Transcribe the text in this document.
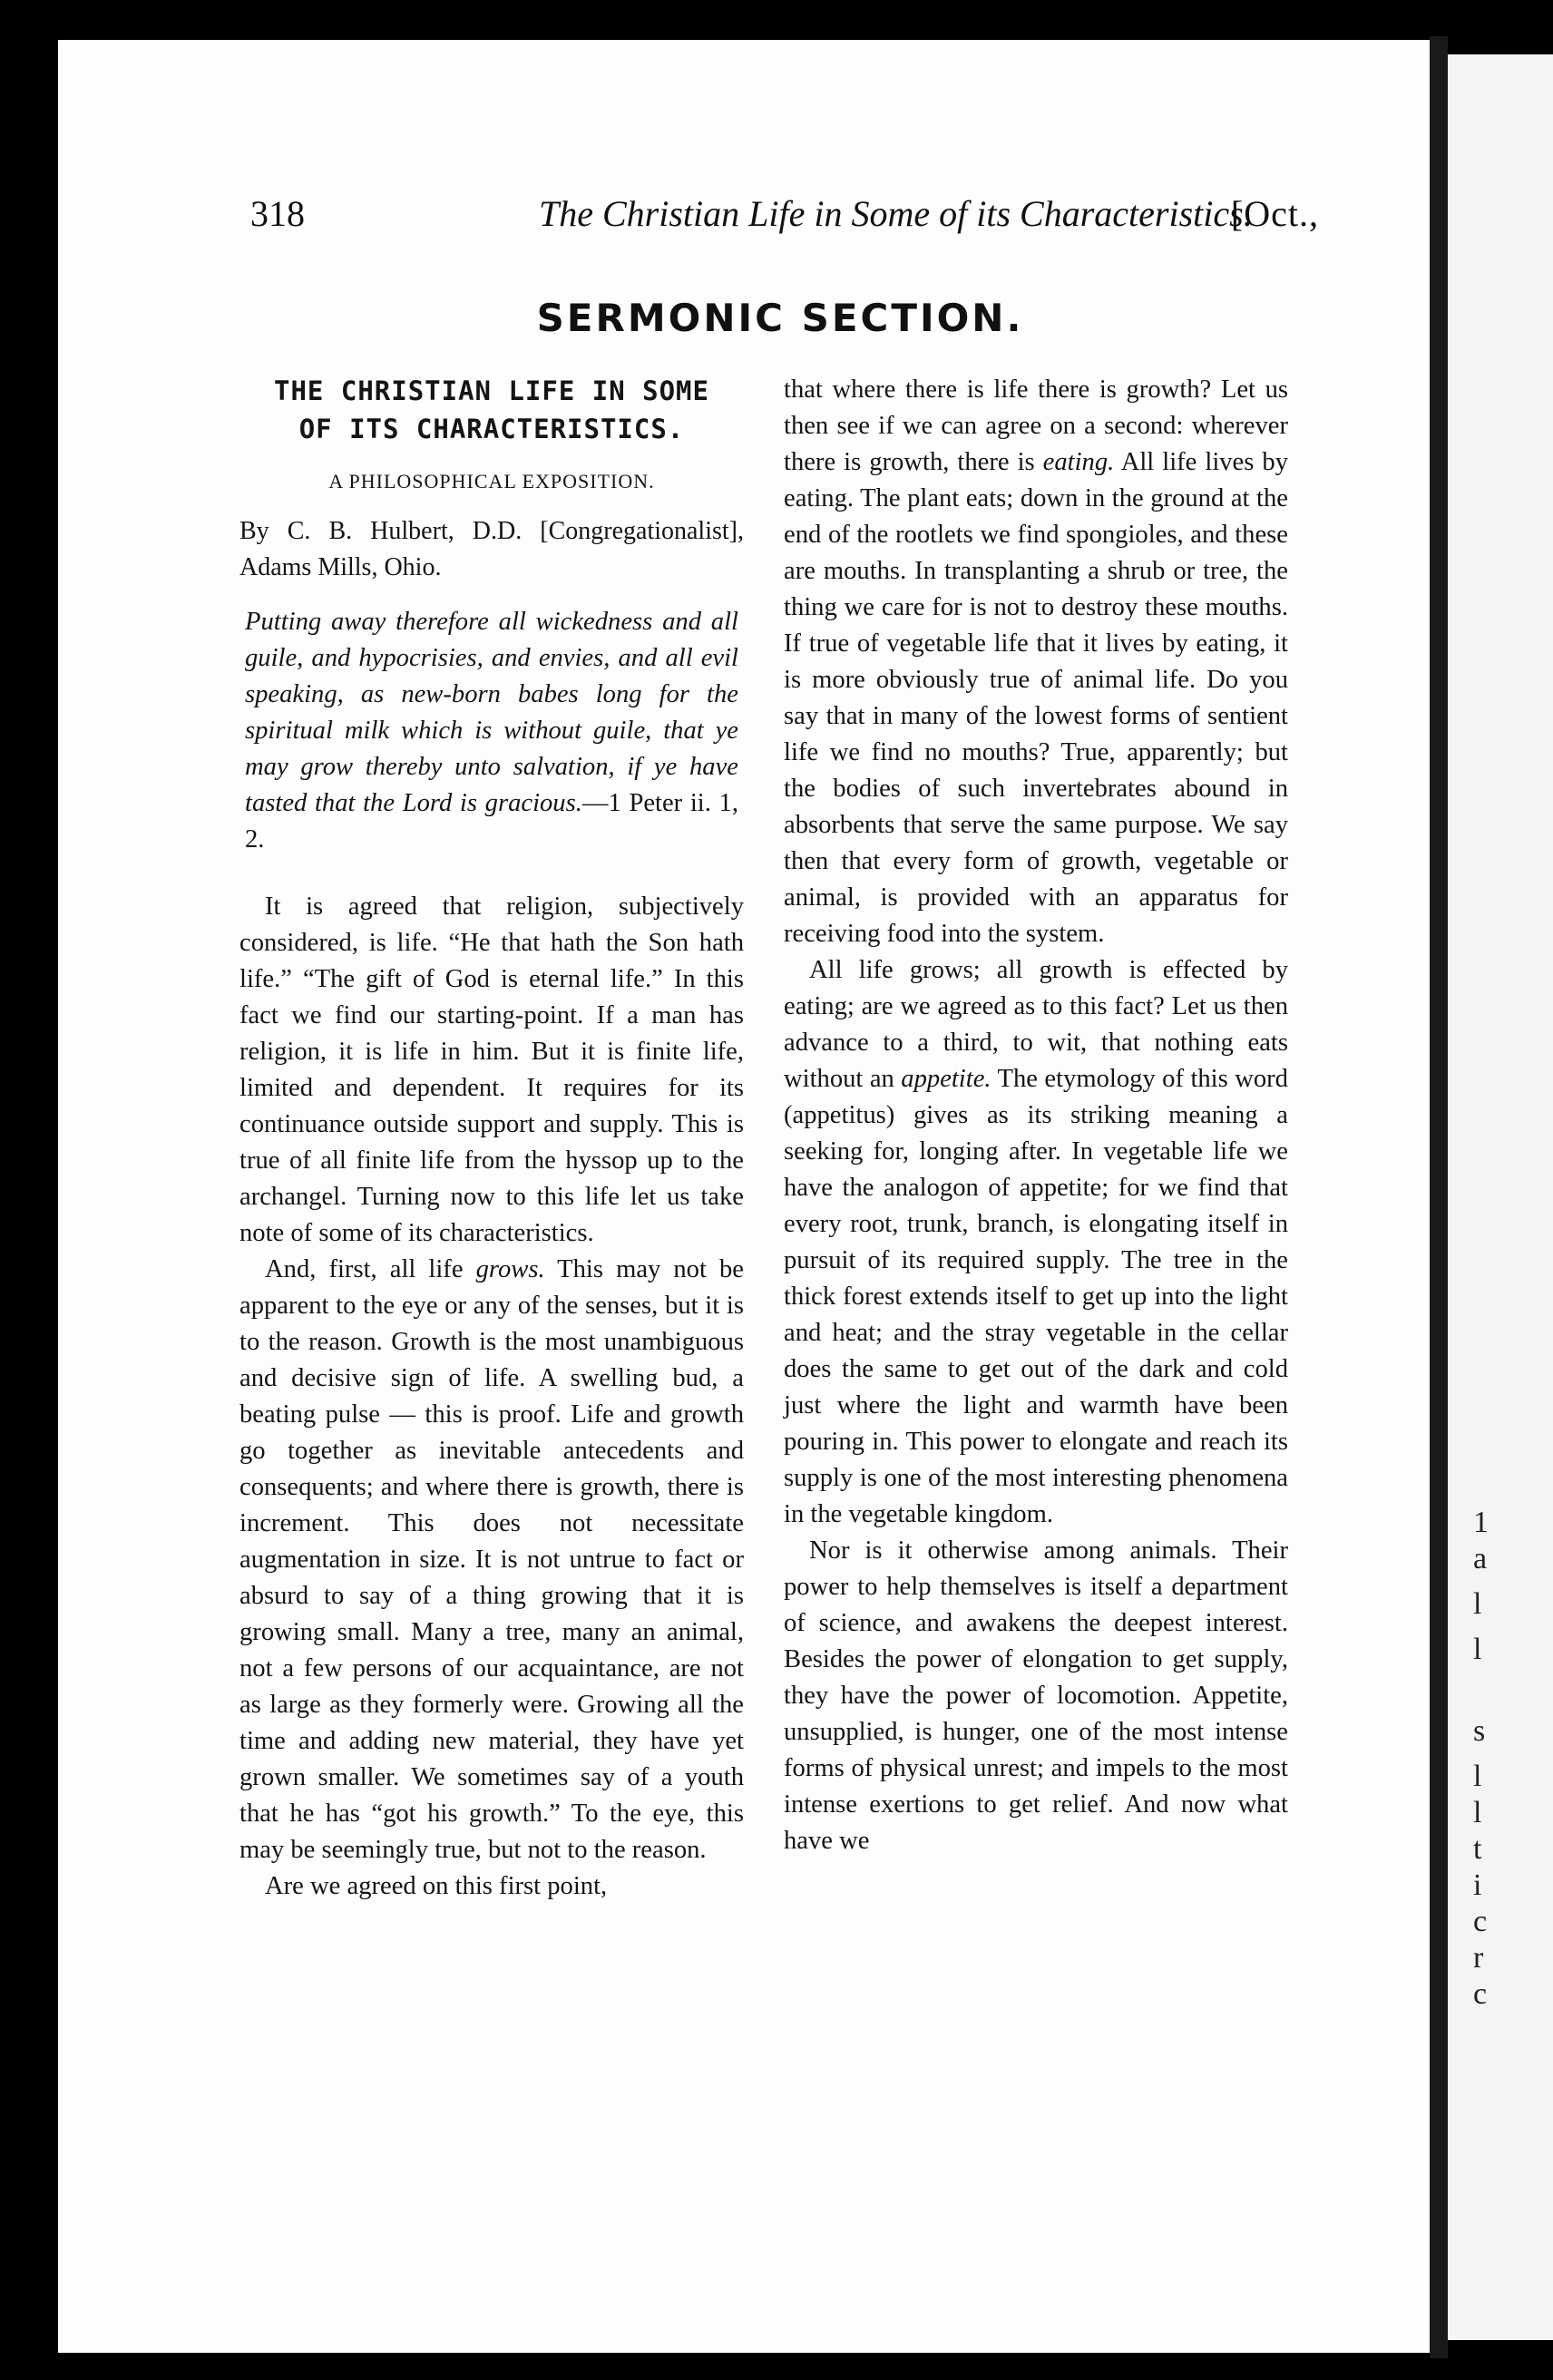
1
a
l
l
s
l
l
t
i
c
r
c
318	The Christian Life in Some of its Characteristics.
[Oct.,
SERMONIC SECTION.
THE CHRISTIAN LIFE IN SOME
OF ITS CHARACTERISTICS.
A PHILOSOPHICAL EXPOSITION.
By C. B. Hulbert, D.D. [Congregationalist], Adams Mills, Ohio.
Putting away therefore all wickedness and all guile, and hypocrisies, and envies, and all evil speaking, as new-born babes long for the spiritual milk which is without guile, that ye may grow thereby unto salvation, if ye have tasted that the Lord is gracious.—1 Peter ii. 1, 2.

It is agreed that religion, subjectively considered, is life. “He that hath the Son hath life.” “The gift of God is eternal life.” In this fact we find our starting-point. If a man has religion, it is life in him. But it is finite life, limited and dependent. It requires for its continuance outside support and supply. This is true of all finite life from the hyssop up to the archangel. Turning now to this life let us take note of some of its characteristics.

And, first, all life grows. This may not be apparent to the eye or any of the senses, but it is to the reason. Growth is the most unambiguous and decisive sign of life. A swelling bud, a beating pulse — this is proof. Life and growth go together as inevitable antecedents and consequents; and where there is growth, there is increment. This does not necessitate augmentation in size. It is not untrue to fact or absurd to say of a thing growing that it is growing small. Many a tree, many an animal, not a few persons of our acquaintance, are not as large as they formerly were. Growing all the time and adding new material, they have yet grown smaller. We sometimes say of a youth that he has “got his growth.” To the eye, this may be seemingly true, but not to the reason.

Are we agreed on this first point,

that where there is life there is growth? Let us then see if we can agree on a second: wherever there is growth, there is eating. All life lives by eating. The plant eats; down in the ground at the end of the rootlets we find spongioles, and these are mouths. In transplanting a shrub or tree, the thing we care for is not to destroy these mouths. If true of vegetable life that it lives by eating, it is more obviously true of animal life. Do you say that in many of the lowest forms of sentient life we find no mouths? True, apparently; but the bodies of such invertebrates abound in absorbents that serve the same purpose. We say then that every form of growth, vegetable or animal, is provided with an apparatus for receiving food into the system.

All life grows; all growth is effected by eating; are we agreed as to this fact? Let us then advance to a third, to wit, that nothing eats without an appetite. The etymology of this word (appetitus) gives as its striking meaning a seeking for, longing after. In vegetable life we have the analogon of appetite; for we find that every root, trunk, branch, is elongating itself in pursuit of its required supply. The tree in the thick forest extends itself to get up into the light and heat; and the stray vegetable in the cellar does the same to get out of the dark and cold just where the light and warmth have been pouring in. This power to elongate and reach its supply is one of the most interesting phenomena in the vegetable kingdom.

Nor is it otherwise among animals. Their power to help themselves is itself a department of science, and awakens the deepest interest. Besides the power of elongation to get supply, they have the power of locomotion. Appetite, unsupplied, is hunger, one of the most intense forms of physical unrest; and impels to the most intense exertions to get relief. And now what have we
